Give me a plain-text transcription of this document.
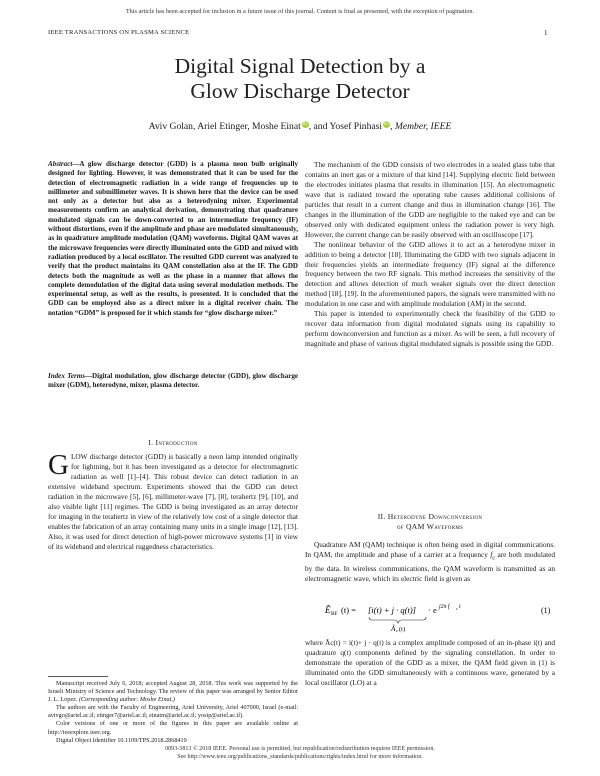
This article has been accepted for inclusion in a future issue of this journal. Content is final as presented, with the exception of pagination.
IEEE TRANSACTIONS ON PLASMA SCIENCE	1
Digital Signal Detection by a
Glow Discharge Detector
Aviv Golan, Ariel Etinger, Moshe Einat iD, and Yosef Pinhasi iD, Member, IEEE
Abstract—A glow discharge detector (GDD) is a plasma neon bulb originally designed for lighting. However, it was demonstrated that it can be used for the detection of electromagnetic radiation in a wide range of frequencies up to millimeter and submillimeter waves. It is shown here that the device can be used not only as a detector but also as a heterodyning mixer. Experimental measurements confirm an analytical derivation, demonstrating that quadrature modulated signals can be down-converted to an intermediate frequency (IF) without distortions, even if the amplitude and phase are modulated simultaneously, as in quadrature amplitude modulation (QAM) waveforms. Digital QAM waves at the microwave frequencies were directly illuminated onto the GDD and mixed with radiation produced by a local oscillator. The resulted GDD current was analyzed to verify that the product maintains its QAM constellation also at the IF. The GDD detects both the magnitude as well as the phase in a manner that allows the complete demodulation of the digital data using several modulation methods. The experimental setup, as well as the results, is presented. It is concluded that the GDD can be employed also as a direct mixer in a digital receiver chain. The notation “GDM” is proposed for it which stands for “glow discharge mixer.”
Index Terms—Digital modulation, glow discharge detector (GDD), glow discharge mixer (GDM), heterodyne, mixer, plasma detector.
I. Introduction

GLOW discharge detector (GDD) is basically a neon lamp intended originally for lightning, but it has been investigated as a detector for electromagnetic radiation as well [1]–[4]. This robust device can detect radiation in an extensive wideband spectrum. Experiments showed that the GDD can detect radiation in the microwave [5], [6], millimeter-wave [7], [8], terahertz [9], [10], and also visible light [11] regimes. The GDD is being investigated as an array detector for imaging in the terahertz in view of the relatively low cost of a single detector that enables the fabrication of an array containing many units in a single image [12], [13]. Also, it was used for direct detection of high-power microwave systems [1] in view of its wideband and electrical ruggedness characteristics.

Manuscript received July 6, 2018; accepted August 28, 2018. This work was supported by the Israeli Ministry of Science and Technology. The review of this paper was arranged by Senior Editor J. L. Lopez. (Corresponding author: Moshe Einat.)

The authors are with the Faculty of Engineering, Ariel University, Ariel 407000, Israel (e-mail: avivgo@ariel.ac.il; etinger7@ariel.ac.il; einatm@ariel.ac.il; yosip@ariel.ac.il).

Color versions of one or more of the figures in this paper are available online at http://ieeexplore.ieee.org.

Digital Object Identifier 10.1109/TPS.2018.2868419

The mechanism of the GDD consists of two electrodes in a sealed glass tube that contains an inert gas or a mixture of that kind [14]. Supplying electric field between the electrodes initiates plasma that results in illumination [15]. An electromagnetic wave that is radiated toward the operating tube causes additional collisions of particles that result in a current change and thus in illumination change [16]. The changes in the illumination of the GDD are negligible to the naked eye and can be observed only with dedicated equipment unless the radiation power is very high. However, the current change can be easily observed with an oscilloscope [17].

The nonlinear behavior of the GDD allows it to act as a heterodyne mixer in addition to being a detector [18]. Illuminating the GDD with two signals adjacent in their frequencies yields an intermediate frequency (IF) signal at the difference frequency between the two RF signals. This method increases the sensitivity of the detection and allows detection of much weaker signals over the direct detection method [18], [19]. In the aforementioned papers, the signals were transmitted with no modulation in one case and with amplitude modulation (AM) in the second.

This paper is intended to experimentally check the feasibility of the GDD to recover data information from digital modulated signals using its capability to perform downconversion and function as a mixer. As will be seen, a full recovery of magnitude and phase of various digital modulated signals is possible using the GDD.

II. Heterodyne Downconversion
of QAM Waveforms

Quadrature AM (QAM) technique is often being used in digital communications. In QAM, the amplitude and phase of a carrier at a frequency $f_c$ are both modulated by the data. In wireless communications, the QAM waveform is transmitted as an electromagnetic wave, which its electric field is given as

Ẽ RF (t) = [i(t) + j · q(t)]
Ã c (t)
· e j2π f	c t	(1)

where Ãc(t) = i(t)+ j · q(t) is a complex amplitude composed of an in-phase i(t) and quadrature q(t) components defined by the signaling constellation. In order to demonstrate the operation of the GDD as a mixer, the QAM field given in (1) is illuminated onto the GDD simultaneously with a continuous wave, generated by a local oscillator (LO) at a

0093-3813 © 2018 IEEE. Personal use is permitted, but republication/redistribution requires IEEE permission.
See http://www.ieee.org/publications_standards/publications/rights/index.html for more information.
